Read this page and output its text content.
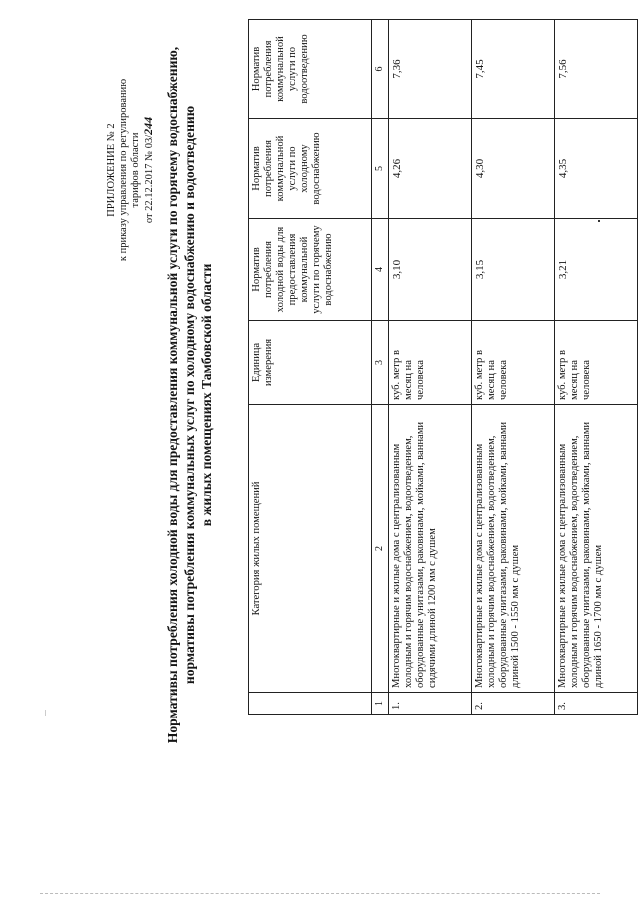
ПРИЛОЖЕНИЕ № 2 к приказу управления по регулированию тарифов области от 22.12.2017 № 03/244 Нормативы потребления холодной воды для предоставления коммунальной услуги по горячему водоснабжению, нормативы потребления коммунальных услуг по холодному водоснабжению и водоотведению в жилых помещениях Тамбовской области
	Категория жилых помещений	Единица измерения	Норматив потребления холодной воды для предоставления коммунальной услуги по горячему водоснабжению	Норматив потребления коммунальной услуги по холодному водоснабжению	Норматив потребления коммунальной услуги по водоотведению
1	2	3	4	5	6
1.	Многоквартирные и жилые дома с централизованным холодным и горячим водоснабжением, водоотведением, оборудованные унитазами, раковинами, мойками, ваннами сидячими длиной 1200 мм с душем	куб. метр в месяц на человека	3,10	4,26	7,36
2.	Многоквартирные и жилые дома с централизованным холодным и горячим водоснабжением, водоотведением, оборудованные унитазами, раковинами, мойками, ваннами длиной 1500 - 1550 мм с душем	куб. метр в месяц на человека	3,15	4,30	7,45
3.	Многоквартирные и жилые дома с централизованным холодным и горячим водоснабжением, водоотведением, оборудованные унитазами, раковинами, мойками, ваннами длиной 1650 - 1700 мм с душем	куб. метр в месяц на человека	3,21	4,35	7,56
